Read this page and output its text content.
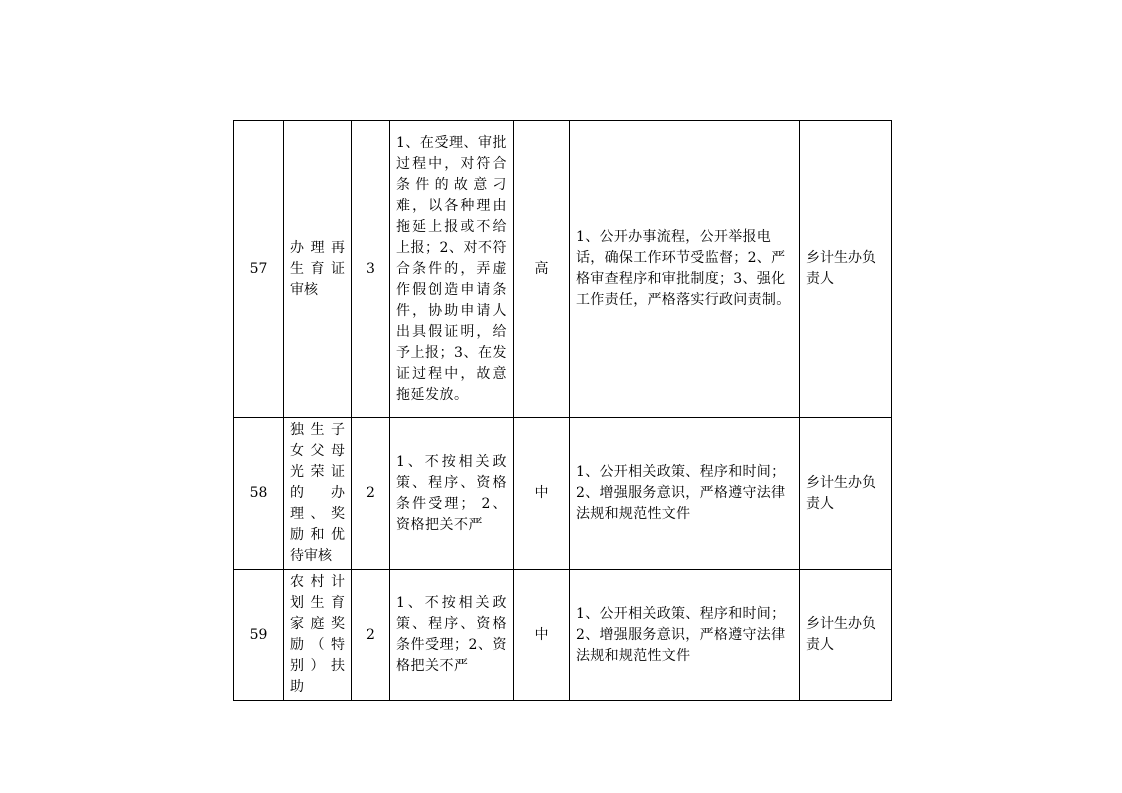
57	办理再生育证审核	3	1、在受理、审批过程中，对符合条件的故意刁难，以各种理由拖延上报或不给上报；2、对不符合条件的，弄虚作假创造申请条件，协助申请人出具假证明，给予上报；3、在发证过程中，故意拖延发放。	高	1、公开办事流程，公开举报电话，确保工作环节受监督；2、严格审查程序和审批制度；3、强化工作责任，严格落实行政问责制。	乡计生办负责人
58	独生子女父母光荣证的办理、奖励和优待审核	2	1、不按相关政策、程序、资格条件受理； 2、资格把关不严	中	1、公开相关政策、程序和时间；2、增强服务意识，严格遵守法律法规和规范性文件	乡计生办负责人
59	农村计划生育家庭奖励（特别）扶助	2	1、不按相关政策、程序、资格条件受理；2、资格把关不严	中	1、公开相关政策、程序和时间；2、增强服务意识，严格遵守法律法规和规范性文件	乡计生办负责人
